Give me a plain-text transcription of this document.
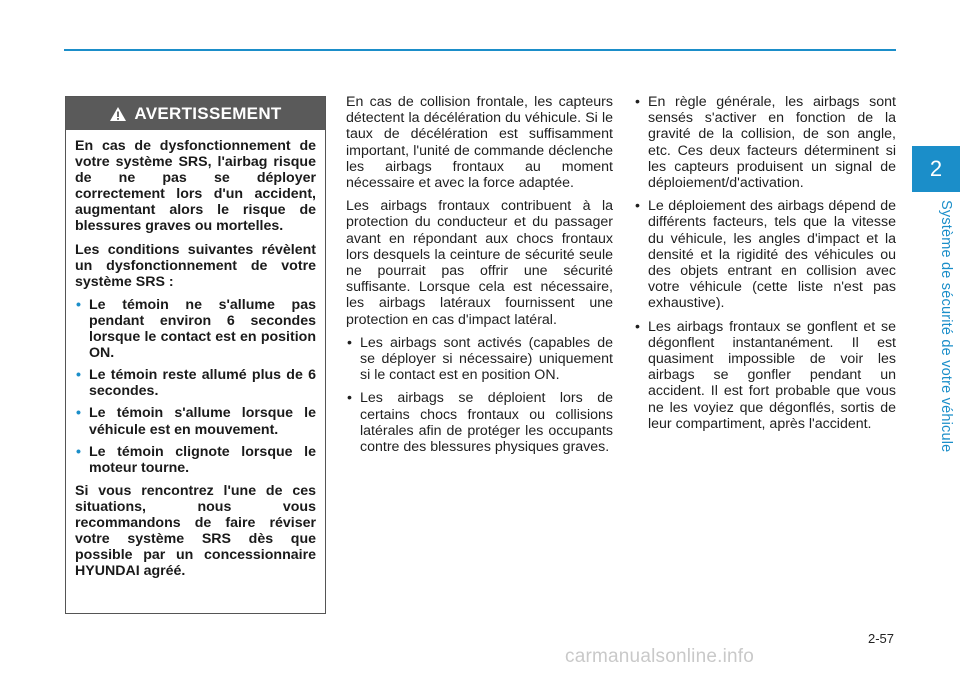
2
Système de sécurité de votre véhicule
AVERTISSEMENT

En cas de dysfonctionnement de votre système SRS, l'airbag risque de ne pas se déployer correctement lors d'un accident, augmentant alors le risque de blessures graves ou mortelles.

Les conditions suivantes révèlent un dysfonctionnement de votre système SRS :

• Le témoin ne s'allume pas pendant environ 6 secondes lorsque le contact est en position ON.
• Le témoin reste allumé plus de 6 secondes.
• Le témoin s'allume lorsque le véhicule est en mouvement.
• Le témoin clignote lorsque le moteur tourne.

Si vous rencontrez l'une de ces situations, nous vous recommandons de faire réviser votre système SRS dès que possible par un concessionnaire HYUNDAI agréé.

En cas de collision frontale, les capteurs détectent la décélération du véhicule. Si le taux de décélération est suffisamment important, l'unité de commande déclenche les airbags frontaux au moment nécessaire et avec la force adaptée.

Les airbags frontaux contribuent à la protection du conducteur et du passager avant en répondant aux chocs frontaux lors desquels la ceinture de sécurité seule ne pourrait pas offrir une sécurité suffisante. Lorsque cela est nécessaire, les airbags latéraux fournissent une protection en cas d'impact latéral.

• Les airbags sont activés (capables de se déployer si nécessaire) uniquement si le contact est en position ON.
• Les airbags se déploient lors de certains chocs frontaux ou collisions latérales afin de protéger les occupants contre des blessures physiques graves.
• En règle générale, les airbags sont sensés s'activer en fonction de la gravité de la collision, de son angle, etc. Ces deux facteurs déterminent si les capteurs produisent un signal de déploiement/d'activation.
• Le déploiement des airbags dépend de différents facteurs, tels que la vitesse du véhicule, les angles d'impact et la densité et la rigidité des véhicules ou des objets entrant en collision avec votre véhicule (cette liste n'est pas exhaustive).
• Les airbags frontaux se gonflent et se dégonflent instantanément. Il est quasiment impossible de voir les airbags se gonfler pendant un accident. Il est fort probable que vous ne les voyiez que dégonflés, sortis de leur compartiment, après l'accident.
2-57
carmanualsonline.info
